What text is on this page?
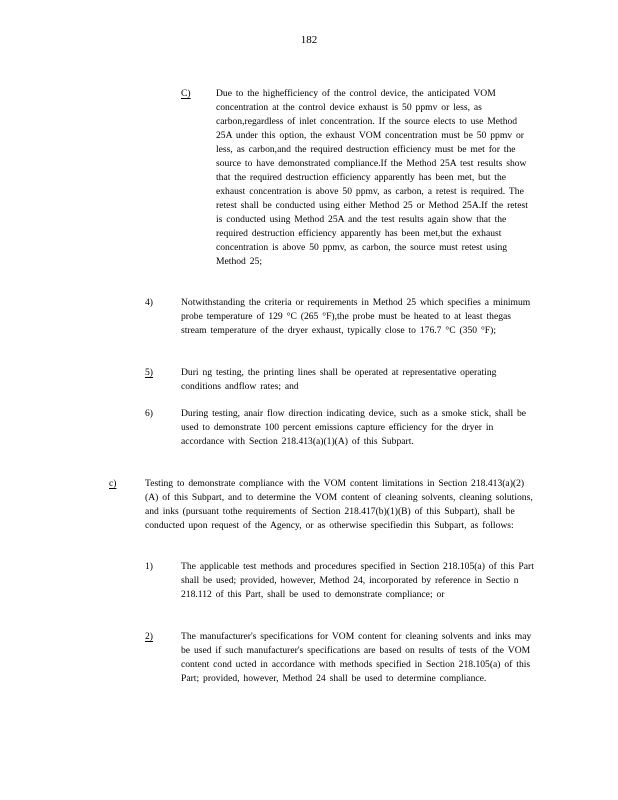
182
C)	Due to the highefficiency of the control device, the anticipated VOM concentration at the control device exhaust is 50 ppmv or less, as carbon,regardless of inlet concentration. If the source elects to use Method 25A under this option, the exhaust VOM concentration must be 50 ppmv or less, as carbon,and the required destruction efficiency must be met for the source to have demonstrated compliance.If the Method 25A test results show that the required destruction efficiency apparently has been met, but the exhaust concentration is above 50 ppmv, as carbon, a retest is required. The retest shall be conducted using either Method 25 or Method 25A.If the retest is conducted using Method 25A and the test results again show that the required destruction efficiency apparently has been met,but the exhaust concentration is above 50 ppmv, as carbon, the source must retest using Method 25;
4)	Notwithstanding the criteria or requirements in Method 25 which specifies a minimum probe temperature of 129 °C (265 °F),the probe must be heated to at least thegas stream temperature of the dryer exhaust, typically close to 176.7 °C (350 °F);
5)	Duri ng testing, the printing lines shall be operated at representative operating conditions andflow rates; and
6)	During testing, anair flow direction indicating device, such as a smoke stick, shall be used to demonstrate 100 percent emissions capture efficiency for the dryer in accordance with Section 218.413(a)(1)(A) of this Subpart.
c)	Testing to demonstrate compliance with the VOM content limitations in Section 218.413(a)(2)(A) of this Subpart, and to determine the VOM content of cleaning solvents, cleaning solutions, and inks (pursuant tothe requirements of Section 218.417(b)(1)(B) of this Subpart), shall be conducted upon request of the Agency, or as otherwise specifiedin this Subpart, as follows:
1)	The applicable test methods and procedures specified in Section 218.105(a) of this Part shall be used; provided, however, Method 24, incorporated by reference in Sectio n 218.112 of this Part, shall be used to demonstrate compliance; or
2)	The manufacturer's specifications for VOM content for cleaning solvents and inks may be used if such manufacturer's specifications are based on results of tests of the VOM content cond ucted in accordance with methods specified in Section 218.105(a) of this Part; provided, however, Method 24 shall be used to determine compliance.
